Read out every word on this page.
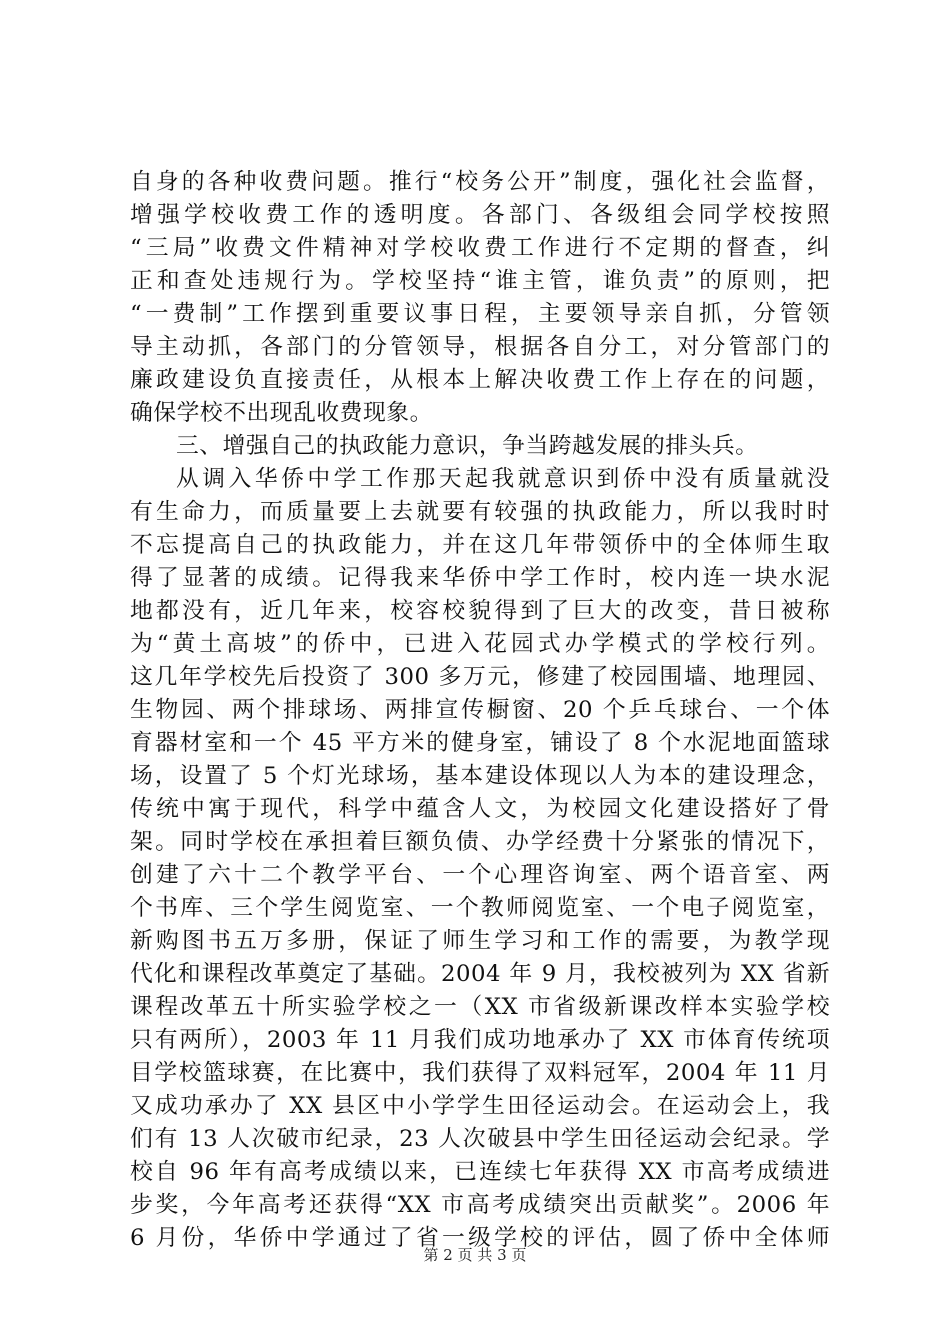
自身的各种收费问题。推行“校务公开”制度，强化社会监督，
增强学校收费工作的透明度。各部门、各级组会同学校按照
“三局”收费文件精神对学校收费工作进行不定期的督查，纠
正和查处违规行为。学校坚持“谁主管，谁负责”的原则，把
“一费制”工作摆到重要议事日程，主要领导亲自抓，分管领
导主动抓，各部门的分管领导，根据各自分工，对分管部门的
廉政建设负直接责任，从根本上解决收费工作上存在的问题，
确保学校不出现乱收费现象。
三、增强自己的执政能力意识，争当跨越发展的排头兵。
从调入华侨中学工作那天起我就意识到侨中没有质量就没
有生命力，而质量要上去就要有较强的执政能力，所以我时时
不忘提高自己的执政能力，并在这几年带领侨中的全体师生取
得了显著的成绩。记得我来华侨中学工作时，校内连一块水泥
地都没有，近几年来，校容校貌得到了巨大的改变，昔日被称
为“黄土高坡”的侨中，已进入花园式办学模式的学校行列。
这几年学校先后投资了 300 多万元，修建了校园围墙、地理园、
生物园、两个排球场、两排宣传橱窗、20 个乒乓球台、一个体
育器材室和一个 45 平方米的健身室，铺设了 8 个水泥地面篮球
场，设置了 5 个灯光球场，基本建设体现以人为本的建设理念，
传统中寓于现代，科学中蕴含人文，为校园文化建设搭好了骨
架。同时学校在承担着巨额负债、办学经费十分紧张的情况下，
创建了六十二个教学平台、一个心理咨询室、两个语音室、两
个书库、三个学生阅览室、一个教师阅览室、一个电子阅览室，
新购图书五万多册，保证了师生学习和工作的需要，为教学现
代化和课程改革奠定了基础。2004 年 9 月，我校被列为 XX 省新
课程改革五十所实验学校之一（XX 市省级新课改样本实验学校
只有两所），2003 年 11 月我们成功地承办了 XX 市体育传统项
目学校篮球赛，在比赛中，我们获得了双料冠军，2004 年 11 月
又成功承办了 XX 县区中小学学生田径运动会。在运动会上，我
们有 13 人次破市纪录，23 人次破县中学生田径运动会纪录。学
校自 96 年有高考成绩以来，已连续七年获得 XX 市高考成绩进
步奖，今年高考还获得“XX 市高考成绩突出贡献奖”。2006 年
6 月份，华侨中学通过了省一级学校的评估，圆了侨中全体师
第 2 页 共 3 页
